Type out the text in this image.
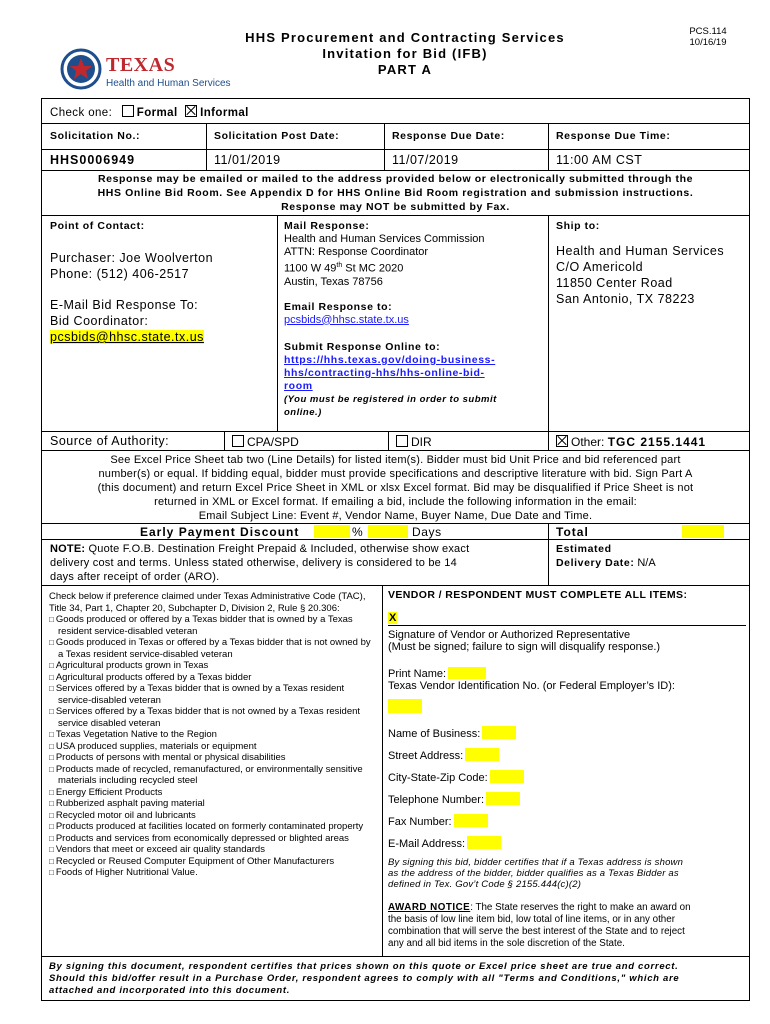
TEXAS
Health and Human Services
HHS Procurement and Contracting Services
Invitation for Bid (IFB)
PART A
PCS.114
10/16/19
Check one: Formal Informal
Solicitation No.:	Solicitation Post Date:	Response Due Date:	Response Due Time:
HHS0006949	11/01/2019	11/07/2019	11:00 AM CST
Response may be emailed or mailed to the address provided below or electronically submitted through the
HHS Online Bid Room. See Appendix D for HHS Online Bid Room registration and submission instructions.
Response may NOT be submitted by Fax.
Point of Contact:
Purchaser: Joe Woolverton
Phone: (512) 406-2517
E-Mail Bid Response To:
Bid Coordinator:
pcsbids@hhsc.state.tx.us
Mail Response:
Health and Human Services Commission
ATTN: Response Coordinator
1100 W 49th St MC 2020
Austin, Texas 78756
Email Response to:
pcsbids@hhsc.state.tx.us
Submit Response Online to:
https://hhs.texas.gov/doing-business-
hhs/contracting-hhs/hhs-online-bid-
room
(You must be registered in order to submit
online.)
Ship to:
Health and Human Services
C/O Americold
11850 Center Road
San Antonio, TX 78223
Source of Authority:	CPA/SPD	DIR	Other: TGC 2155.1441
See Excel Price Sheet tab two (Line Details) for listed item(s). Bidder must bid Unit Price and bid referenced part
number(s) or equal. If bidding equal, bidder must provide specifications and descriptive literature with bid. Sign Part A
(this document) and return Excel Price Sheet in XML or xlsx Excel format. Bid may be disqualified if Price Sheet is not
returned in XML or Excel format. If emailing a bid, include the following information in the email:
Email Subject Line: Event #, Vendor Name, Buyer Name, Due Date and Time.
Early Payment Discount	%	Days	Total
NOTE: Quote F.O.B. Destination Freight Prepaid & Included, otherwise show exact
delivery cost and terms. Unless stated otherwise, delivery is considered to be 14
days after receipt of order (ARO).
Estimated
Delivery Date: N/A
Check below if preference claimed under Texas Administrative Code (TAC), Title 34, Part 1, Chapter 20, Subchapter D, Division 2, Rule § 20.306:
□ Goods produced or offered by a Texas bidder that is owned by a Texas resident service-disabled veteran
□ Goods produced in Texas or offered by a Texas bidder that is not owned by a Texas resident service-disabled veteran
□ Agricultural products grown in Texas
□ Agricultural products offered by a Texas bidder
□ Services offered by a Texas bidder that is owned by a Texas resident service-disabled veteran
□ Services offered by a Texas bidder that is not owned by a Texas resident service disabled veteran
□ Texas Vegetation Native to the Region
□ USA produced supplies, materials or equipment
□ Products of persons with mental or physical disabilities
□ Products made of recycled, remanufactured, or environmentally sensitive materials including recycled steel
□ Energy Efficient Products
□ Rubberized asphalt paving material
□ Recycled motor oil and lubricants
□ Products produced at facilities located on formerly contaminated property
□ Products and services from economically depressed or blighted areas
□ Vendors that meet or exceed air quality standards
□ Recycled or Reused Computer Equipment of Other Manufacturers
□ Foods of Higher Nutritional Value.
VENDOR / RESPONDENT MUST COMPLETE ALL ITEMS:
X
Signature of Vendor or Authorized Representative
(Must be signed; failure to sign will disqualify response.)
Print Name:
Texas Vendor Identification No. (or Federal Employer’s ID):
Name of Business:
Street Address:
City-State-Zip Code:
Telephone Number:
Fax Number:
E-Mail Address:
By signing this bid, bidder certifies that if a Texas address is shown
as the address of the bidder, bidder qualifies as a Texas Bidder as
defined in Tex. Gov’t Code § 2155.444(c)(2)
AWARD NOTICE: The State reserves the right to make an award on
the basis of low line item bid, low total of line items, or in any other
combination that will serve the best interest of the State and to reject
any and all bid items in the sole discretion of the State.
By signing this document, respondent certifies that prices shown on this quote or Excel price sheet are true and correct.
Should this bid/offer result in a Purchase Order, respondent agrees to comply with all "Terms and Conditions," which are
attached and incorporated into this document.
